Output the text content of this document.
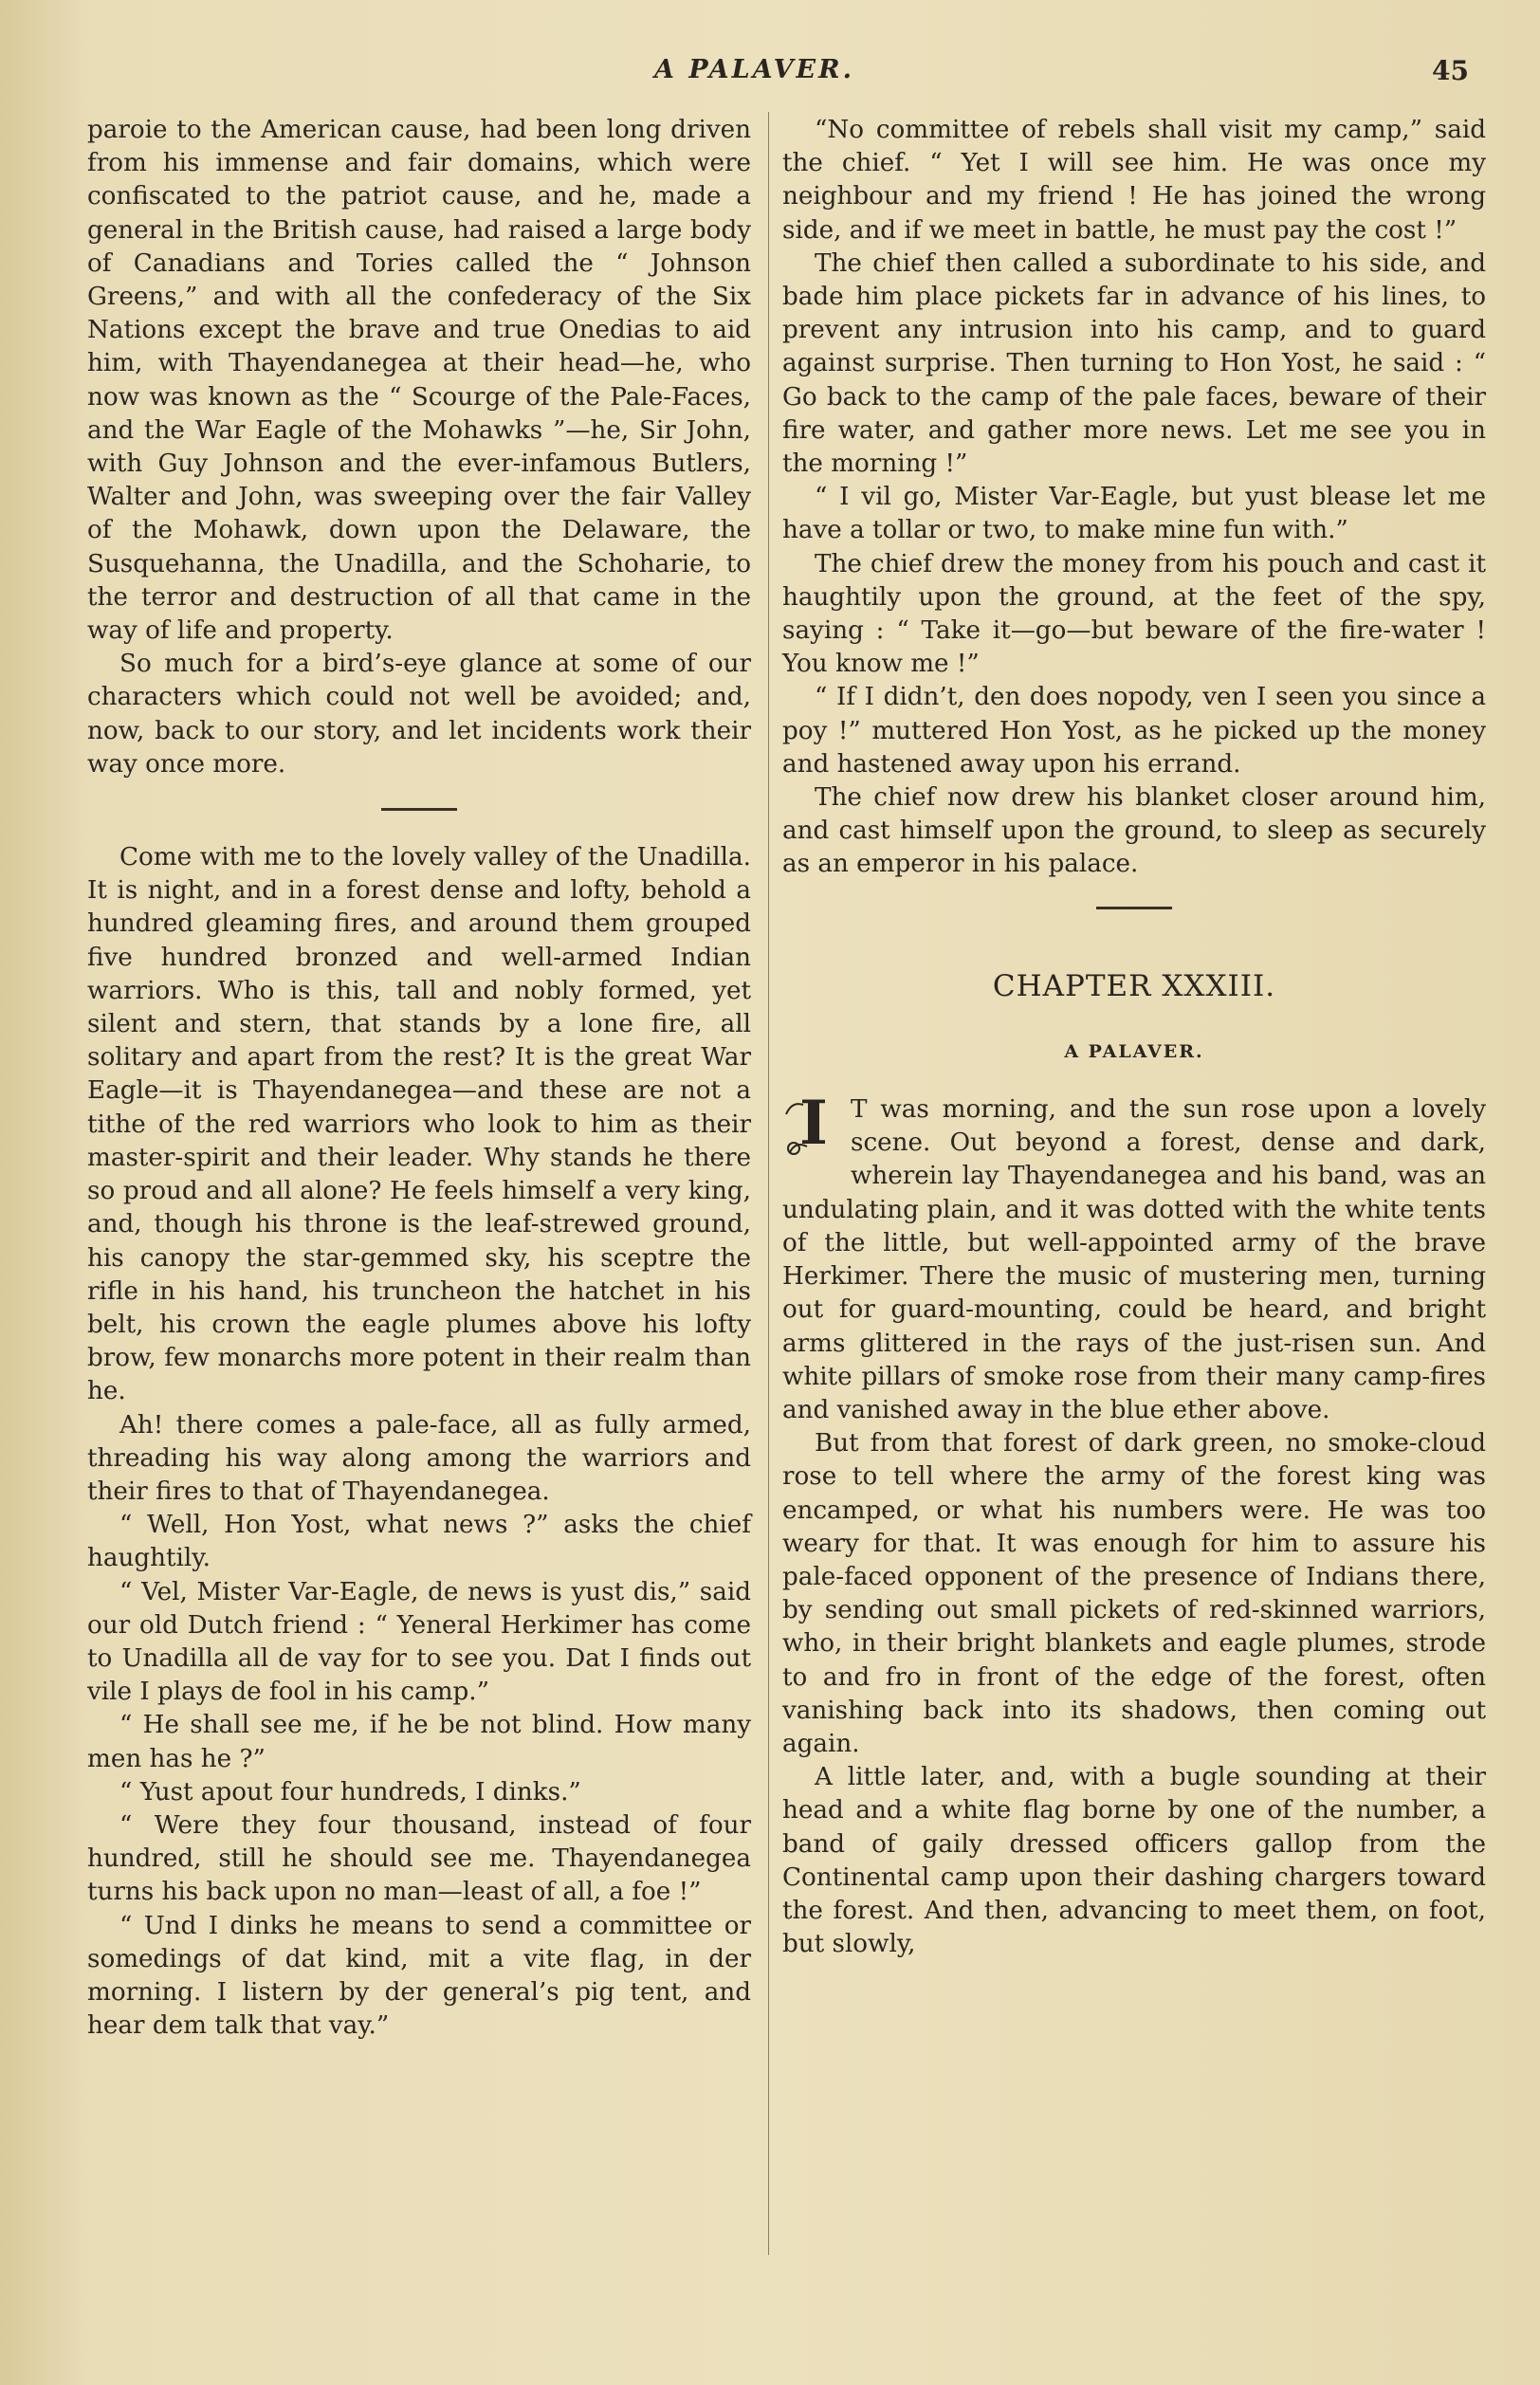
A PALAVER.	45

paroie to the American cause, had been long driven from his immense and fair domains, which were confiscated to the patriot cause, and he, made a general in the British cause, had raised a large body of Canadians and Tories called the “ Johnson Greens,” and with all the confederacy of the Six Nations except the brave and true Onedias to aid him, with Thayendanegea at their head—he, who now was known as the “ Scourge of the Pale-Faces, and the War Eagle of the Mohawks ”—he, Sir John, with Guy Johnson and the ever-infamous Butlers, Walter and John, was sweeping over the fair Valley of the Mohawk, down upon the Delaware, the Susquehanna, the Unadilla, and the Schoharie, to the terror and destruction of all that came in the way of life and property.

So much for a bird’s-eye glance at some of our characters which could not well be avoided; and, now, back to our story, and let incidents work their way once more.

Come with me to the lovely valley of the Unadilla. It is night, and in a forest dense and lofty, behold a hundred gleaming fires, and around them grouped five hundred bronzed and well-armed Indian warriors. Who is this, tall and nobly formed, yet silent and stern, that stands by a lone fire, all solitary and apart from the rest? It is the great War Eagle—it is Thayendanegea—and these are not a tithe of the red warriors who look to him as their master-spirit and their leader. Why stands he there so proud and all alone? He feels himself a very king, and, though his throne is the leaf-strewed ground, his canopy the star-gemmed sky, his sceptre the rifle in his hand, his truncheon the hatchet in his belt, his crown the eagle plumes above his lofty brow, few monarchs more potent in their realm than he.

Ah! there comes a pale-face, all as fully armed, threading his way along among the warriors and their fires to that of Thayendanegea.

“ Well, Hon Yost, what news ?” asks the chief haughtily.

“ Vel, Mister Var-Eagle, de news is yust dis,” said our old Dutch friend : “ Yeneral Herkimer has come to Unadilla all de vay for to see you. Dat I finds out vile I plays de fool in his camp.”

“ He shall see me, if he be not blind. How many men has he ?”

“ Yust apout four hundreds, I dinks.”

“ Were they four thousand, instead of four hundred, still he should see me. Thayendanegea turns his back upon no man—least of all, a foe !”

“ Und I dinks he means to send a committee or somedings of dat kind, mit a vite flag, in der morning. I listern by der general’s pig tent, and hear dem talk that vay.”

“No committee of rebels shall visit my camp,” said the chief. “ Yet I will see him. He was once my neighbour and my friend ! He has joined the wrong side, and if we meet in battle, he must pay the cost !”

The chief then called a subordinate to his side, and bade him place pickets far in advance of his lines, to prevent any intrusion into his camp, and to guard against surprise. Then turning to Hon Yost, he said : “ Go back to the camp of the pale faces, beware of their fire water, and gather more news. Let me see you in the morning !”

“ I vil go, Mister Var-Eagle, but yust blease let me have a tollar or two, to make mine fun with.”

The chief drew the money from his pouch and cast it haughtily upon the ground, at the feet of the spy, saying : “ Take it—go—but beware of the fire-water ! You know me !”

“ If I didn’t, den does nopody, ven I seen you since a poy !” muttered Hon Yost, as he picked up the money and hastened away upon his errand.

The chief now drew his blanket closer around him, and cast himself upon the ground, to sleep as securely as an emperor in his palace.

CHAPTER XXXIII.
A PALAVER.
I T was morning, and the sun rose upon a lovely scene. Out beyond a forest, dense and dark, wherein lay Thayendanegea and his band, was an undulating plain, and it was dotted with the white tents of the little, but well-appointed army of the brave Herkimer. There the music of mustering men, turning out for guard-mounting, could be heard, and bright arms glittered in the rays of the just-risen sun. And white pillars of smoke rose from their many camp-fires and vanished away in the blue ether above.

But from that forest of dark green, no smoke-cloud rose to tell where the army of the forest king was encamped, or what his numbers were. He was too weary for that. It was enough for him to assure his pale-faced opponent of the presence of Indians there, by sending out small pickets of red-skinned warriors, who, in their bright blankets and eagle plumes, strode to and fro in front of the edge of the forest, often vanishing back into its shadows, then coming out again.

A little later, and, with a bugle sounding at their head and a white flag borne by one of the number, a band of gaily dressed officers gallop from the Continental camp upon their dashing chargers toward the forest. And then, advancing to meet them, on foot, but slowly,
